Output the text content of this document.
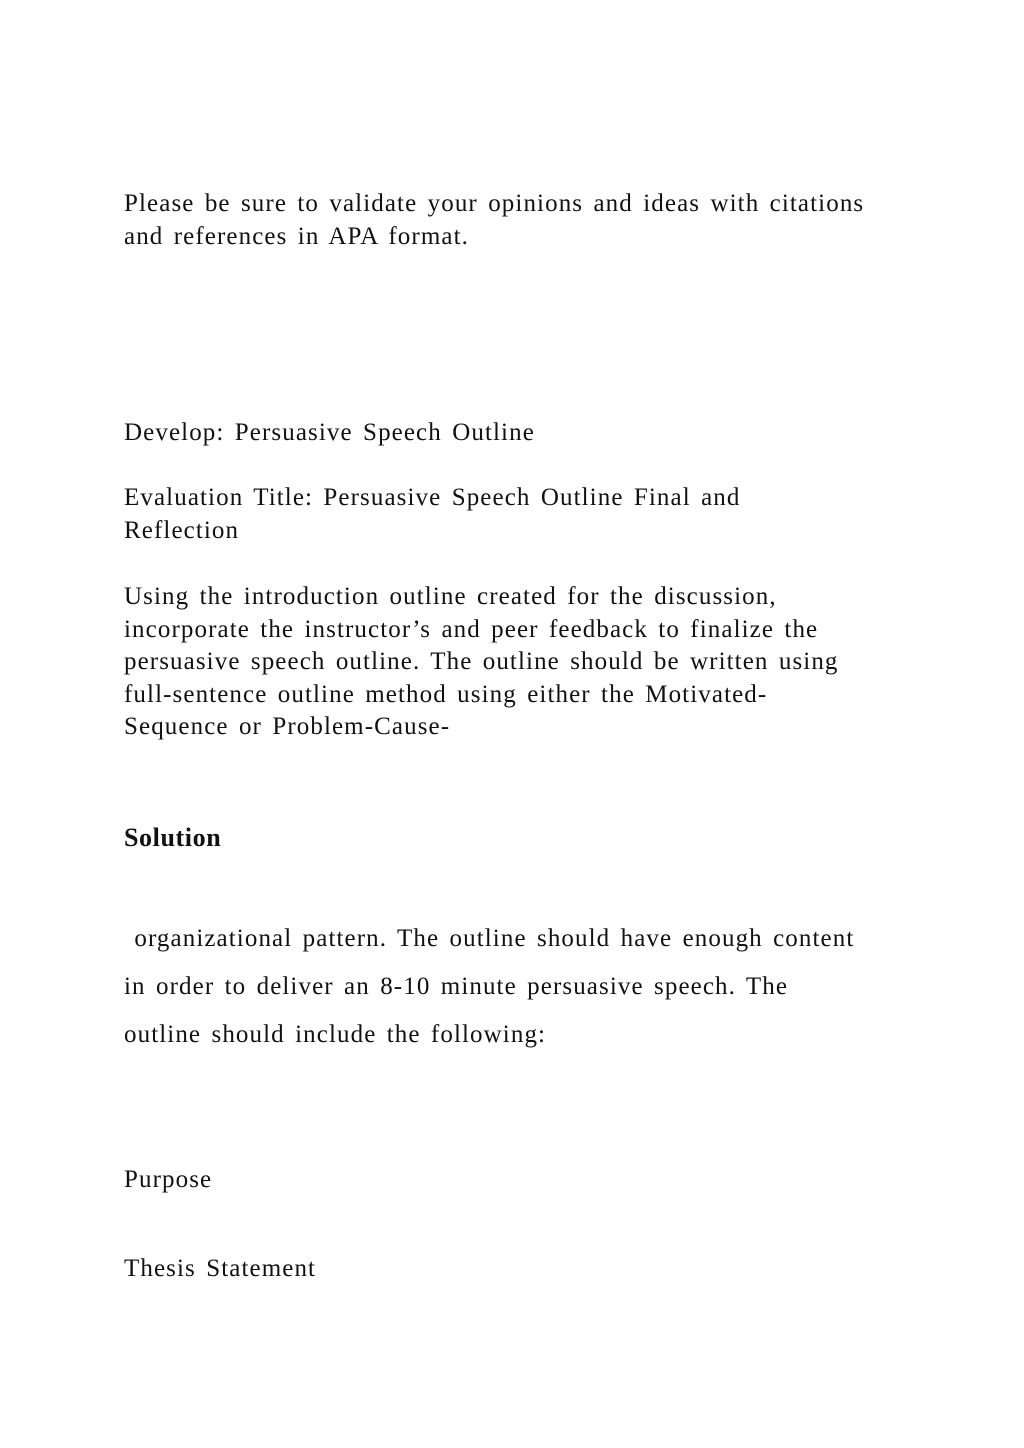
Please be sure to validate your opinions and ideas with citations
and references in APA format.
Develop: Persuasive Speech Outline
Evaluation Title: Persuasive Speech Outline Final and
Reflection
Using the introduction outline created for the discussion,
incorporate the instructor’s and peer feedback to finalize the
persuasive speech outline. The outline should be written using
full-sentence outline method using either the Motivated-
Sequence or Problem-Cause-
Solution
organizational pattern. The outline should have enough content
in order to deliver an 8-10 minute persuasive speech. The
outline should include the following:
Purpose
Thesis Statement
